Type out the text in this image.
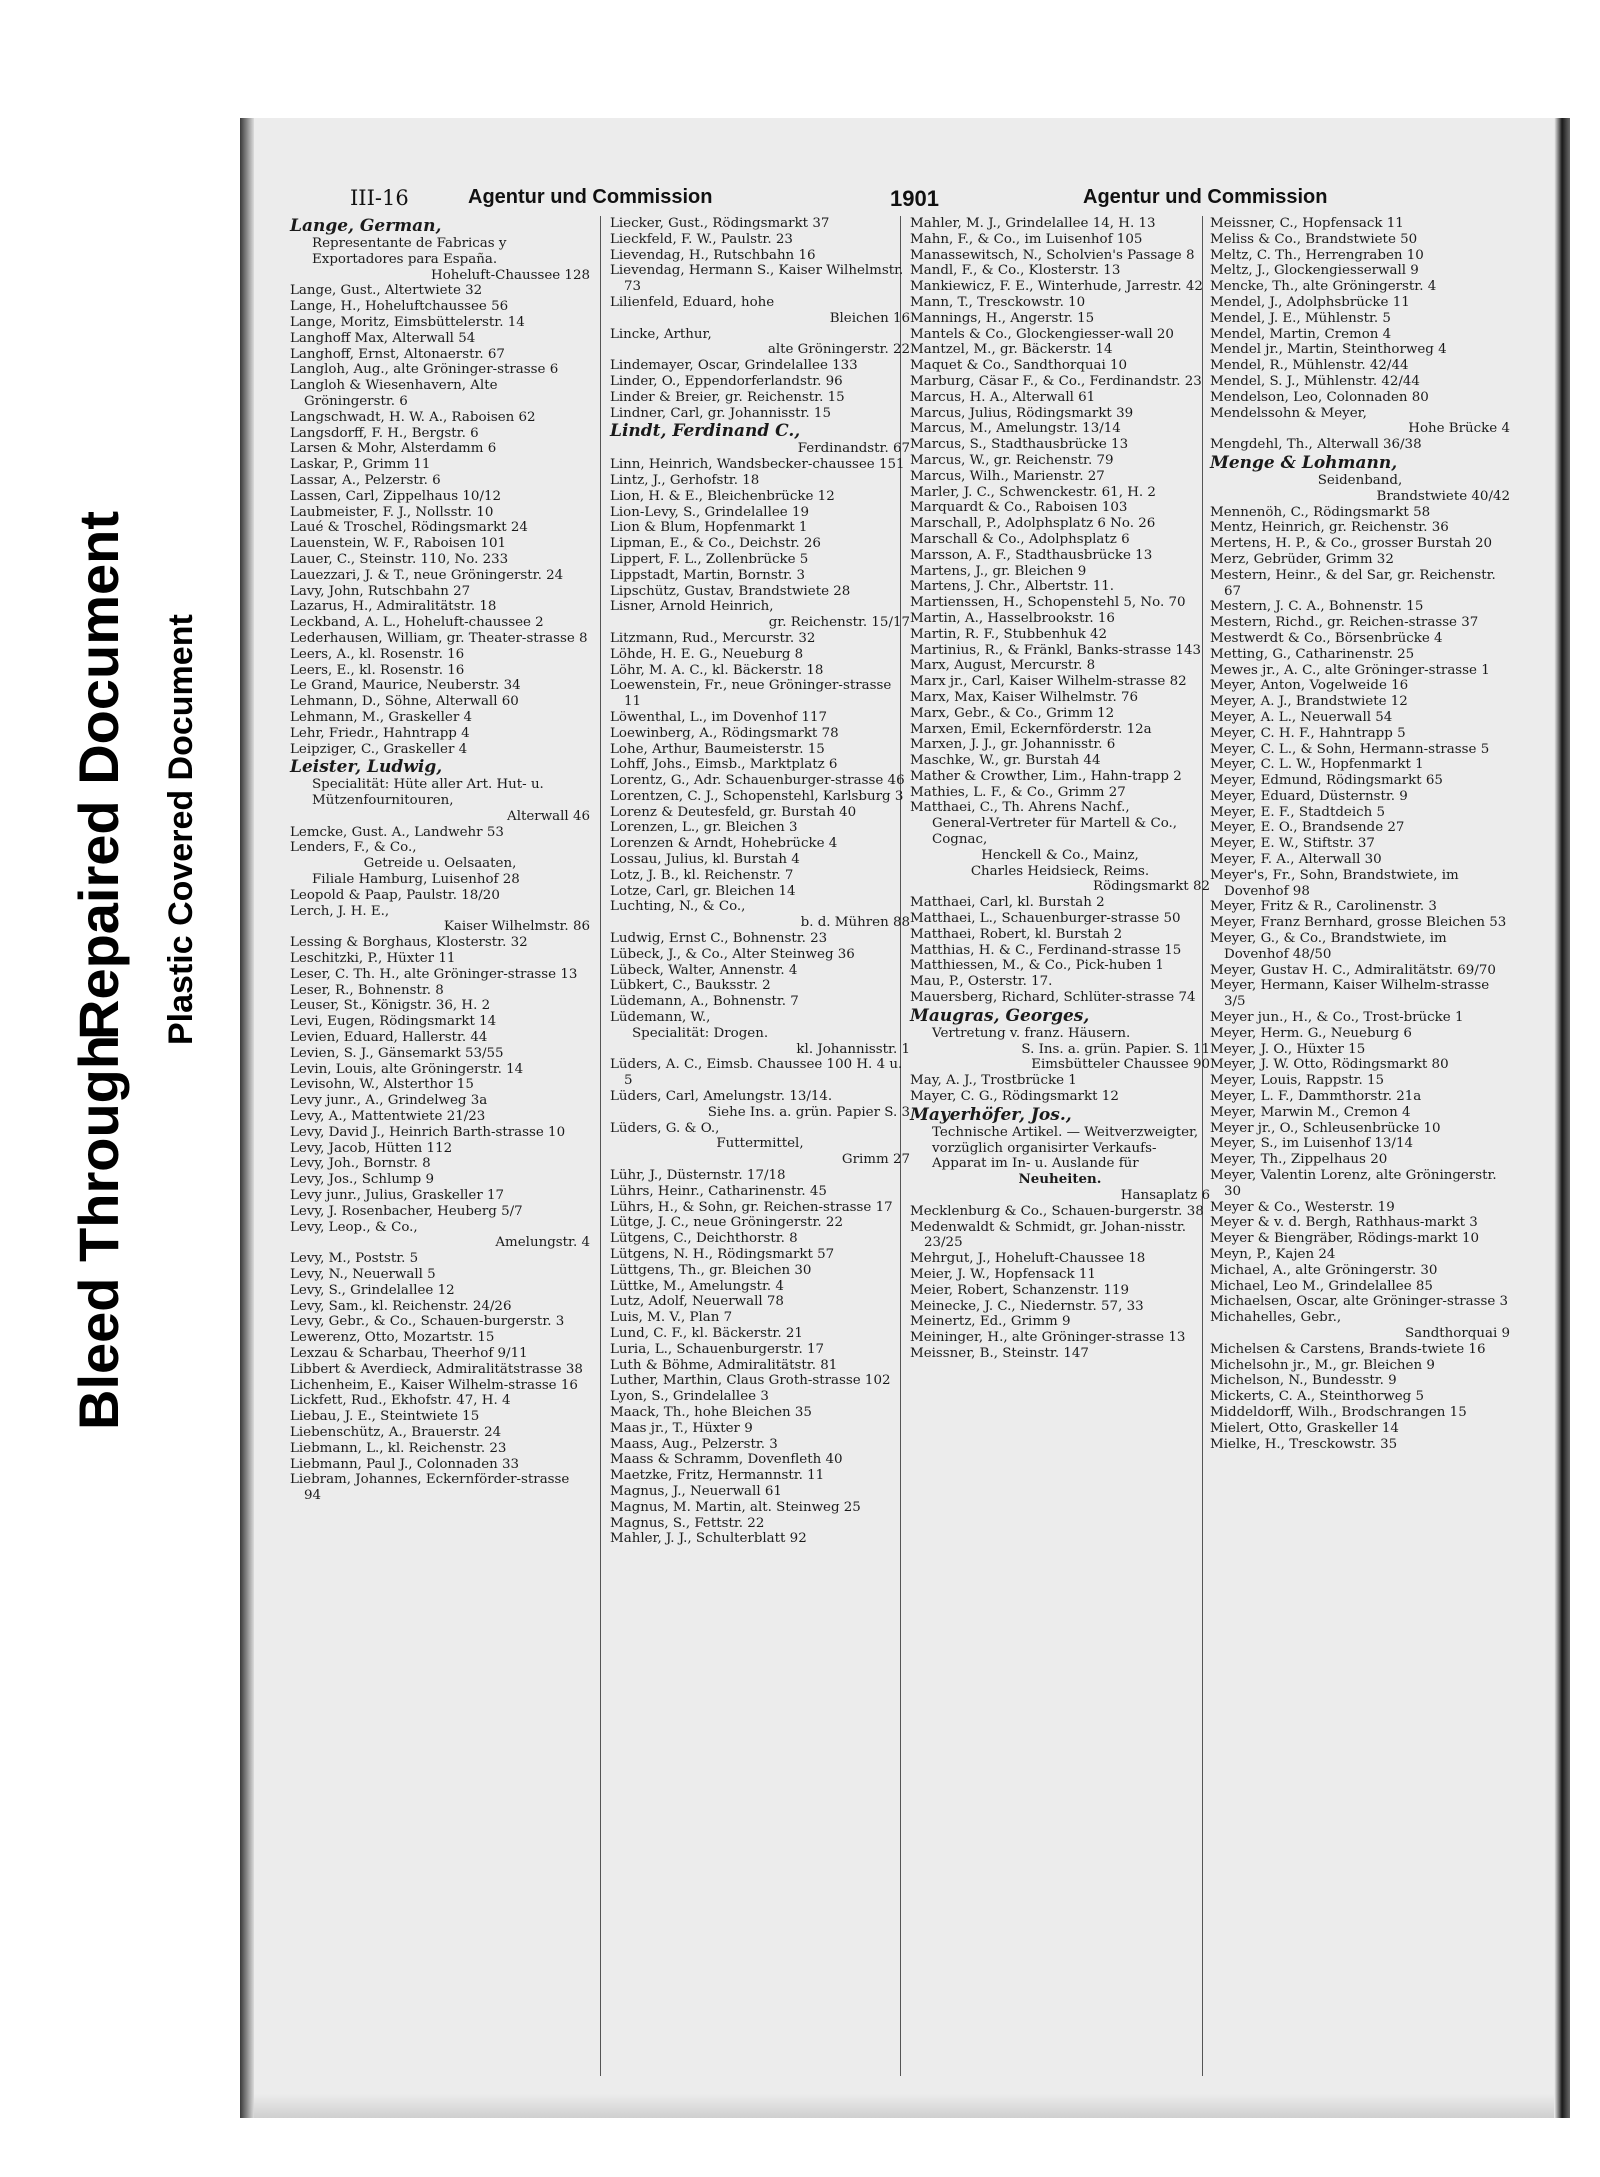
Bleed Through
Repaired Document Plastic Covered Document
III-16	Agentur und Commission	1901	Agentur und Commission

Lange, German,

Representante de Fabricas y Exportadores para España.

Hoheluft-Chaussee 128

Lange, Gust., Altertwiete 32

Lange, H., Hoheluftchaussee 56

Lange, Moritz, Eimsbüttelerstr. 14

Langhoff Max, Alterwall 54

Langhoff, Ernst, Altonaerstr. 67

Langloh, Aug., alte Gröninger-strasse 6

Langloh & Wiesenhavern, Alte Gröningerstr. 6

Langschwadt, H. W. A., Raboisen 62

Langsdorff, F. H., Bergstr. 6

Larsen & Mohr, Alsterdamm 6

Laskar, P., Grimm 11

Lassar, A., Pelzerstr. 6

Lassen, Carl, Zippelhaus 10/12

Laubmeister, F. J., Nollsstr. 10

Laué & Troschel, Rödingsmarkt 24

Lauenstein, W. F., Raboisen 101

Lauer, C., Steinstr. 110, No. 233

Lauezzari, J. & T., neue Gröningerstr. 24

Lavy, John, Rutschbahn 27

Lazarus, H., Admiralitätstr. 18

Leckband, A. L., Hoheluft-chaussee 2

Lederhausen, William, gr. Theater-strasse 8

Leers, A., kl. Rosenstr. 16

Leers, E., kl. Rosenstr. 16

Le Grand, Maurice, Neuberstr. 34

Lehmann, D., Söhne, Alterwall 60

Lehmann, M., Graskeller 4

Lehr, Friedr., Hahntrapp 4

Leipziger, C., Graskeller 4

Leister, Ludwig,

Specialität: Hüte aller Art. Hut- u. Mützenfournitouren,

Alterwall 46

Lemcke, Gust. A., Landwehr 53

Lenders, F., & Co.,

Getreide u. Oelsaaten,

Filiale Hamburg, Luisenhof 28

Leopold & Paap, Paulstr. 18/20

Lerch, J. H. E.,

Kaiser Wilhelmstr. 86

Lessing & Borghaus, Klosterstr. 32

Leschitzki, P., Hüxter 11

Leser, C. Th. H., alte Gröninger-strasse 13

Leser, R., Bohnenstr. 8

Leuser, St., Königstr. 36, H. 2

Levi, Eugen, Rödingsmarkt 14

Levien, Eduard, Hallerstr. 44

Levien, S. J., Gänsemarkt 53/55

Levin, Louis, alte Gröningerstr. 14

Levisohn, W., Alsterthor 15

Levy junr., A., Grindelweg 3a

Levy, A., Mattentwiete 21/23

Levy, David J., Heinrich Barth-strasse 10

Levy, Jacob, Hütten 112

Levy, Joh., Bornstr. 8

Levy, Jos., Schlump 9

Levy junr., Julius, Graskeller 17

Levy, J. Rosenbacher, Heuberg 5/7

Levy, Leop., & Co.,

Amelungstr. 4

Levy, M., Poststr. 5

Levy, N., Neuerwall 5

Levy, S., Grindelallee 12

Levy, Sam., kl. Reichenstr. 24/26

Levy, Gebr., & Co., Schauen-burgerstr. 3

Lewerenz, Otto, Mozartstr. 15

Lexzau & Scharbau, Theerhof 9/11

Libbert & Averdieck, Admiralitätstrasse 38

Lichenheim, E., Kaiser Wilhelm-strasse 16

Lickfett, Rud., Ekhofstr. 47, H. 4

Liebau, J. E., Steintwiete 15

Liebenschütz, A., Brauerstr. 24

Liebmann, L., kl. Reichenstr. 23

Liebmann, Paul J., Colonnaden 33

Liebram, Johannes, Eckernförder-strasse 94

Liecker, Gust., Rödingsmarkt 37

Lieckfeld, F. W., Paulstr. 23

Lievendag, H., Rutschbahn 16

Lievendag, Hermann S., Kaiser Wilhelmstr. 73

Lilienfeld, Eduard, hohe

Bleichen 16

Lincke, Arthur,

alte Gröningerstr. 22

Lindemayer, Oscar, Grindelallee 133

Linder, O., Eppendorferlandstr. 96

Linder & Breier, gr. Reichenstr. 15

Lindner, Carl, gr. Johannisstr. 15

Lindt, Ferdinand C.,

Ferdinandstr. 67

Linn, Heinrich, Wandsbecker-chaussee 151

Lintz, J., Gerhofstr. 18

Lion, H. & E., Bleichenbrücke 12

Lion-Levy, S., Grindelallee 19

Lion & Blum, Hopfenmarkt 1

Lipman, E., & Co., Deichstr. 26

Lippert, F. L., Zollenbrücke 5

Lippstadt, Martin, Bornstr. 3

Lipschütz, Gustav, Brandstwiete 28

Lisner, Arnold Heinrich,

gr. Reichenstr. 15/17

Litzmann, Rud., Mercurstr. 32

Löhde, H. E. G., Neueburg 8

Löhr, M. A. C., kl. Bäckerstr. 18

Loewenstein, Fr., neue Gröninger-strasse 11

Löwenthal, L., im Dovenhof 117

Loewinberg, A., Rödingsmarkt 78

Lohe, Arthur, Baumeisterstr. 15

Lohff, Johs., Eimsb., Marktplatz 6

Lorentz, G., Adr. Schauenburger-strasse 46

Lorentzen, C. J., Schopenstehl, Karlsburg 3

Lorenz & Deutesfeld, gr. Burstah 40

Lorenzen, L., gr. Bleichen 3

Lorenzen & Arndt, Hohebrücke 4

Lossau, Julius, kl. Burstah 4

Lotz, J. B., kl. Reichenstr. 7

Lotze, Carl, gr. Bleichen 14

Luchting, N., & Co.,

b. d. Mühren 88

Ludwig, Ernst C., Bohnenstr. 23

Lübeck, J., & Co., Alter Steinweg 36

Lübeck, Walter, Annenstr. 4

Lübkert, C., Bauksstr. 2

Lüdemann, A., Bohnenstr. 7

Lüdemann, W.,

Specialität: Drogen.

kl. Johannisstr. 1

Lüders, A. C., Eimsb. Chaussee 100 H. 4 u. 5

Lüders, Carl, Amelungstr. 13/14.

Siehe Ins. a. grün. Papier S. 3

Lüders, G. & O.,

Futtermittel,

Grimm 27

Lühr, J., Düsternstr. 17/18

Lührs, Heinr., Catharinenstr. 45

Lührs, H., & Sohn, gr. Reichen-strasse 17

Lütge, J. C., neue Gröningerstr. 22

Lütgens, C., Deichthorstr. 8

Lütgens, N. H., Rödingsmarkt 57

Lüttgens, Th., gr. Bleichen 30

Lüttke, M., Amelungstr. 4

Lutz, Adolf, Neuerwall 78

Luis, M. V., Plan 7

Lund, C. F., kl. Bäckerstr. 21

Luria, L., Schauenburgerstr. 17

Luth & Böhme, Admiralitätstr. 81

Luther, Marthin, Claus Groth-strasse 102

Lyon, S., Grindelallee 3

Maack, Th., hohe Bleichen 35

Maas jr., T., Hüxter 9

Maass, Aug., Pelzerstr. 3

Maass & Schramm, Dovenfleth 40

Maetzke, Fritz, Hermannstr. 11

Magnus, J., Neuerwall 61

Magnus, M. Martin, alt. Steinweg 25

Magnus, S., Fettstr. 22

Mahler, J. J., Schulterblatt 92

Mahler, M. J., Grindelallee 14, H. 13

Mahn, F., & Co., im Luisenhof 105

Manassewitsch, N., Scholvien's Passage 8

Mandl, F., & Co., Klosterstr. 13

Mankiewicz, F. E., Winterhude, Jarrestr. 42

Mann, T., Tresckowstr. 10

Mannings, H., Angerstr. 15

Mantels & Co., Glockengiesser-wall 20

Mantzel, M., gr. Bäckerstr. 14

Maquet & Co., Sandthorquai 10

Marburg, Cäsar F., & Co., Ferdinandstr. 23

Marcus, H. A., Alterwall 61

Marcus, Julius, Rödingsmarkt 39

Marcus, M., Amelungstr. 13/14

Marcus, S., Stadthausbrücke 13

Marcus, W., gr. Reichenstr. 79

Marcus, Wilh., Marienstr. 27

Marler, J. C., Schwenckestr. 61, H. 2

Marquardt & Co., Raboisen 103

Marschall, P., Adolphsplatz 6 No. 26

Marschall & Co., Adolphsplatz 6

Marsson, A. F., Stadthausbrücke 13

Martens, J., gr. Bleichen 9

Martens, J. Chr., Albertstr. 11.

Martienssen, H., Schopenstehl 5, No. 70

Martin, A., Hasselbrookstr. 16

Martin, R. F., Stubbenhuk 42

Martinius, R., & Fränkl, Banks-strasse 143

Marx, August, Mercurstr. 8

Marx jr., Carl, Kaiser Wilhelm-strasse 82

Marx, Max, Kaiser Wilhelmstr. 76

Marx, Gebr., & Co., Grimm 12

Marxen, Emil, Eckernförderstr. 12a

Marxen, J. J., gr. Johannisstr. 6

Maschke, W., gr. Burstah 44

Mather & Crowther, Lim., Hahn-trapp 2

Mathies, L. F., & Co., Grimm 27

Matthaei, C., Th. Ahrens Nachf.,

General-Vertreter für Martell & Co., Cognac,

Henckell & Co., Mainz,

Charles Heidsieck, Reims.

Rödingsmarkt 82

Matthaei, Carl, kl. Burstah 2

Matthaei, L., Schauenburger-strasse 50

Matthaei, Robert, kl. Burstah 2

Matthias, H. & C., Ferdinand-strasse 15

Matthiessen, M., & Co., Pick-huben 1

Mau, P., Osterstr. 17.

Mauersberg, Richard, Schlüter-strasse 74

Maugras, Georges,

Vertretung v. franz. Häusern.

S. Ins. a. grün. Papier. S. 11

Eimsbütteler Chaussee 90

May, A. J., Trostbrücke 1

Mayer, C. G., Rödingsmarkt 12

Mayerhöfer, Jos.,

Technische Artikel. — Weitverzweigter, vorzüglich organisirter Verkaufs-Apparat im In- u. Auslande für

Neuheiten.

Hansaplatz 6

Mecklenburg & Co., Schauen-burgerstr. 38

Medenwaldt & Schmidt, gr. Johan-nisstr. 23/25

Mehrgut, J., Hoheluft-Chaussee 18

Meier, J. W., Hopfensack 11

Meier, Robert, Schanzenstr. 119

Meinecke, J. C., Niedernstr. 57, 33

Meinertz, Ed., Grimm 9

Meininger, H., alte Gröninger-strasse 13

Meissner, B., Steinstr. 147

Meissner, C., Hopfensack 11

Meliss & Co., Brandstwiete 50

Meltz, C. Th., Herrengraben 10

Meltz, J., Glockengiesserwall 9

Mencke, Th., alte Gröningerstr. 4

Mendel, J., Adolphsbrücke 11

Mendel, J. E., Mühlenstr. 5

Mendel, Martin, Cremon 4

Mendel jr., Martin, Steinthorweg 4

Mendel, R., Mühlenstr. 42/44

Mendel, S. J., Mühlenstr. 42/44

Mendelson, Leo, Colonnaden 80

Mendelssohn & Meyer,

Hohe Brücke 4

Mengdehl, Th., Alterwall 36/38

Menge & Lohmann,

Seidenband,

Brandstwiete 40/42

Mennenöh, C., Rödingsmarkt 58

Mentz, Heinrich, gr. Reichenstr. 36

Mertens, H. P., & Co., grosser Burstah 20

Merz, Gebrüder, Grimm 32

Mestern, Heinr., & del Sar, gr. Reichenstr. 67

Mestern, J. C. A., Bohnenstr. 15

Mestern, Richd., gr. Reichen-strasse 37

Mestwerdt & Co., Börsenbrücke 4

Metting, G., Catharinenstr. 25

Mewes jr., A. C., alte Gröninger-strasse 1

Meyer, Anton, Vogelweide 16

Meyer, A. J., Brandstwiete 12

Meyer, A. L., Neuerwall 54

Meyer, C. H. F., Hahntrapp 5

Meyer, C. L., & Sohn, Hermann-strasse 5

Meyer, C. L. W., Hopfenmarkt 1

Meyer, Edmund, Rödingsmarkt 65

Meyer, Eduard, Düsternstr. 9

Meyer, E. F., Stadtdeich 5

Meyer, E. O., Brandsende 27

Meyer, E. W., Stiftstr. 37

Meyer, F. A., Alterwall 30

Meyer's, Fr., Sohn, Brandstwiete, im Dovenhof 98

Meyer, Fritz & R., Carolinenstr. 3

Meyer, Franz Bernhard, grosse Bleichen 53

Meyer, G., & Co., Brandstwiete, im Dovenhof 48/50

Meyer, Gustav H. C., Admiralitätstr. 69/70

Meyer, Hermann, Kaiser Wilhelm-strasse 3/5

Meyer jun., H., & Co., Trost-brücke 1

Meyer, Herm. G., Neueburg 6

Meyer, J. O., Hüxter 15

Meyer, J. W. Otto, Rödingsmarkt 80

Meyer, Louis, Rappstr. 15

Meyer, L. F., Dammthorstr. 21a

Meyer, Marwin M., Cremon 4

Meyer jr., O., Schleusenbrücke 10

Meyer, S., im Luisenhof 13/14

Meyer, Th., Zippelhaus 20

Meyer, Valentin Lorenz, alte Gröningerstr. 30

Meyer & Co., Westerstr. 19

Meyer & v. d. Bergh, Rathhaus-markt 3

Meyer & Biengräber, Rödings-markt 10

Meyn, P., Kajen 24

Michael, A., alte Gröningerstr. 30

Michael, Leo M., Grindelallee 85

Michaelsen, Oscar, alte Gröninger-strasse 3

Michahelles, Gebr.,

Sandthorquai 9

Michelsen & Carstens, Brands-twiete 16

Michelsohn jr., M., gr. Bleichen 9

Michelson, N., Bundesstr. 9

Mickerts, C. A., Steinthorweg 5

Middeldorff, Wilh., Brodschrangen 15

Mielert, Otto, Graskeller 14

Mielke, H., Tresckowstr. 35
